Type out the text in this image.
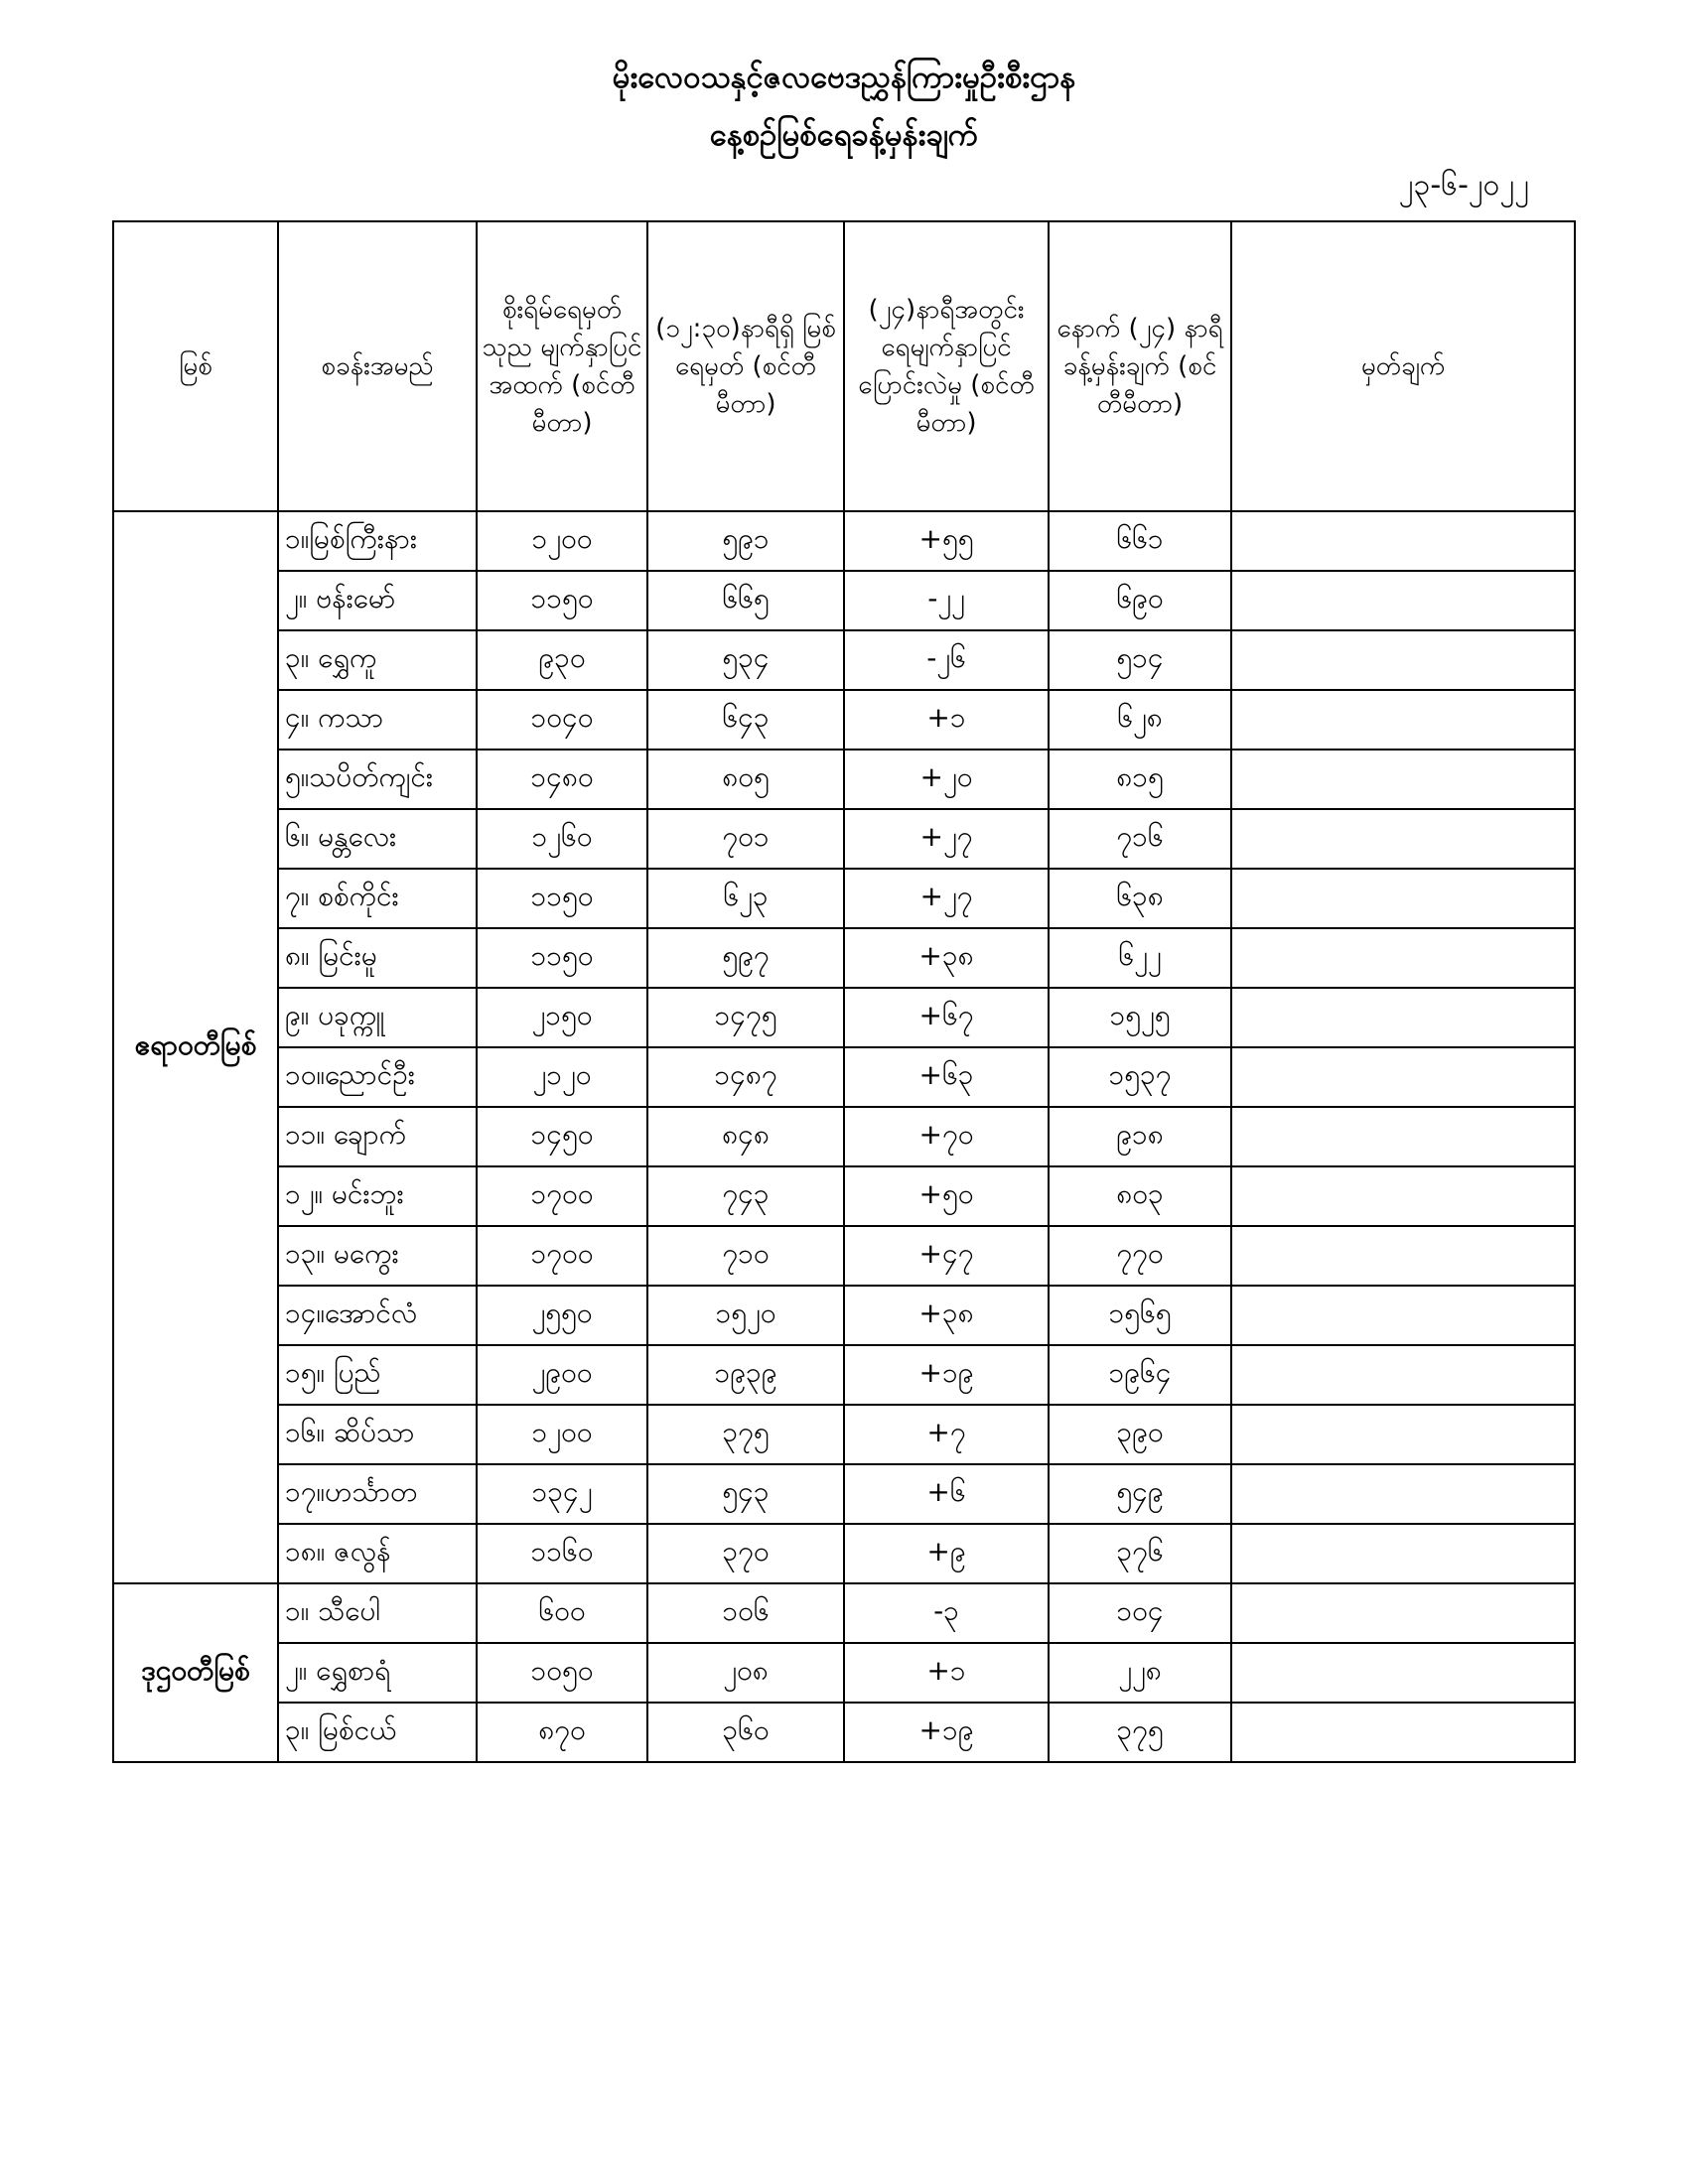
မိုးလေဝသနှင့်ဇလဗေဒညွှန်ကြားမှုဦးစီးဌာန
နေ့စဉ်မြစ်ရေခန့်မှန်းချက်
၂၃-၆-၂၀၂၂
မြစ်	စခန်းအမည်	စိုးရိမ်ရေမှတ် သုည မျက်နှာပြင် အထက် (စင်တီမီတာ)	(၁၂:၃၀)နာရီရှိ မြစ်ရေမှတ် (စင်တီမီတာ)	(၂၄)နာရီအတွင်း ရေမျက်နှာပြင် ပြောင်းလဲမှု (စင်တီမီတာ)	နောက် (၂၄) နာရီ ခန့်မှန်းချက် (စင်တီမီတာ)	မှတ်ချက်
ဧရာဝတီမြစ်	၁။မြစ်ကြီးနား	၁၂၀၀	၅၉၁	+၅၅	၆၆၁	
	၂။ ဗန်းမော်	၁၁၅၀	၆၆၅	-၂၂	၆၉၀	
	၃။ ရွှေကူ	၉၃၀	၅၃၄	-၂၆	၅၁၄	
	၄။ ကသာ	၁၀၄၀	၆၄၃	+၁	၆၂၈	
	၅။သပိတ်ကျင်း	၁၄၈၀	၈၀၅	+၂၀	၈၁၅	
	၆။ မန္တလေး	၁၂၆၀	၇၀၁	+၂၇	၇၁၆	
	၇။ စစ်ကိုင်း	၁၁၅၀	၆၂၃	+၂၇	၆၃၈	
	၈။ မြင်းမူ	၁၁၅၀	၅၉၇	+၃၈	၆၂၂	
	၉။ ပခုက္ကူ	၂၁၅၀	၁၄၇၅	+၆၇	၁၅၂၅	
	၁၀။ညောင်ဦး	၂၁၂၀	၁၄၈၇	+၆၃	၁၅၃၇	
	၁၁။ ချောက်	၁၄၅၀	၈၄၈	+၇၀	၉၁၈	
	၁၂။ မင်းဘူး	၁၇၀၀	၇၄၃	+၅၀	၈၀၃	
	၁၃။ မကွေး	၁၇၀၀	၇၁၀	+၄၇	၇၇၀	
	၁၄။အောင်လံ	၂၅၅၀	၁၅၂၀	+၃၈	၁၅၆၅	
	၁၅။ ပြည်	၂၉၀၀	၁၉၃၉	+၁၉	၁၉၆၄	
	၁၆။ ဆိပ်သာ	၁၂၀၀	၃၇၅	+၇	၃၉၀	
	၁၇။ဟင်္သာတ	၁၃၄၂	၅၄၃	+၆	၅၄၉	
	၁၈။ ဇလွန်	၁၁၆၀	၃၇၀	+၉	၃၇၆	
ဒုဌဝတီမြစ်	၁။ သီပေါ	၆၀၀	၁၀၆	-၃	၁၀၄	
	၂။ ရွှေစာရံ	၁၀၅၀	၂၀၈	+၁	၂၂၈	
	၃။ မြစ်ငယ်	၈၇၀	၃၆၀	+၁၉	၃၇၅	
